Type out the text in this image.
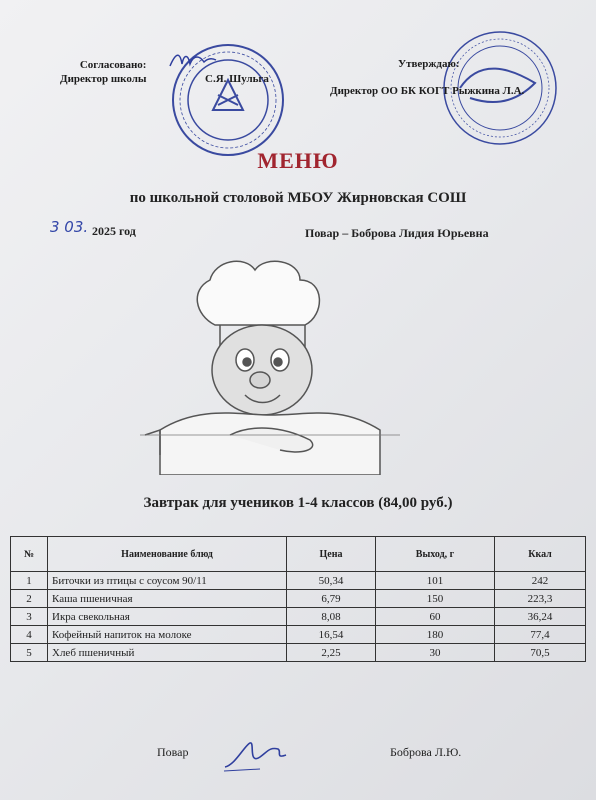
Согласовано:
Директор школы	С.Я. Шульга
Утверждаю:
Директор ОО БК КОГТ Рыжкина Л.А.
МЕНЮ
по школьной столовой МБОУ Жирновская СОШ
3 03. 2025 год	Повар – Боброва Лидия Юрьевна
Завтрак для учеников 1-4 классов (84,00 руб.)
№	Наименование блюд	Цена	Выход, г	Ккал
1	Биточки из птицы с соусом 90/11	50,34	101	242
2	Каша пшеничная	6,79	150	223,3
3	Икра свекольная	8,08	60	36,24
4	Кофейный напиток на молоке	16,54	180	77,4
5	Хлеб пшеничный	2,25	30	70,5
Повар	Боброва Л.Ю.
